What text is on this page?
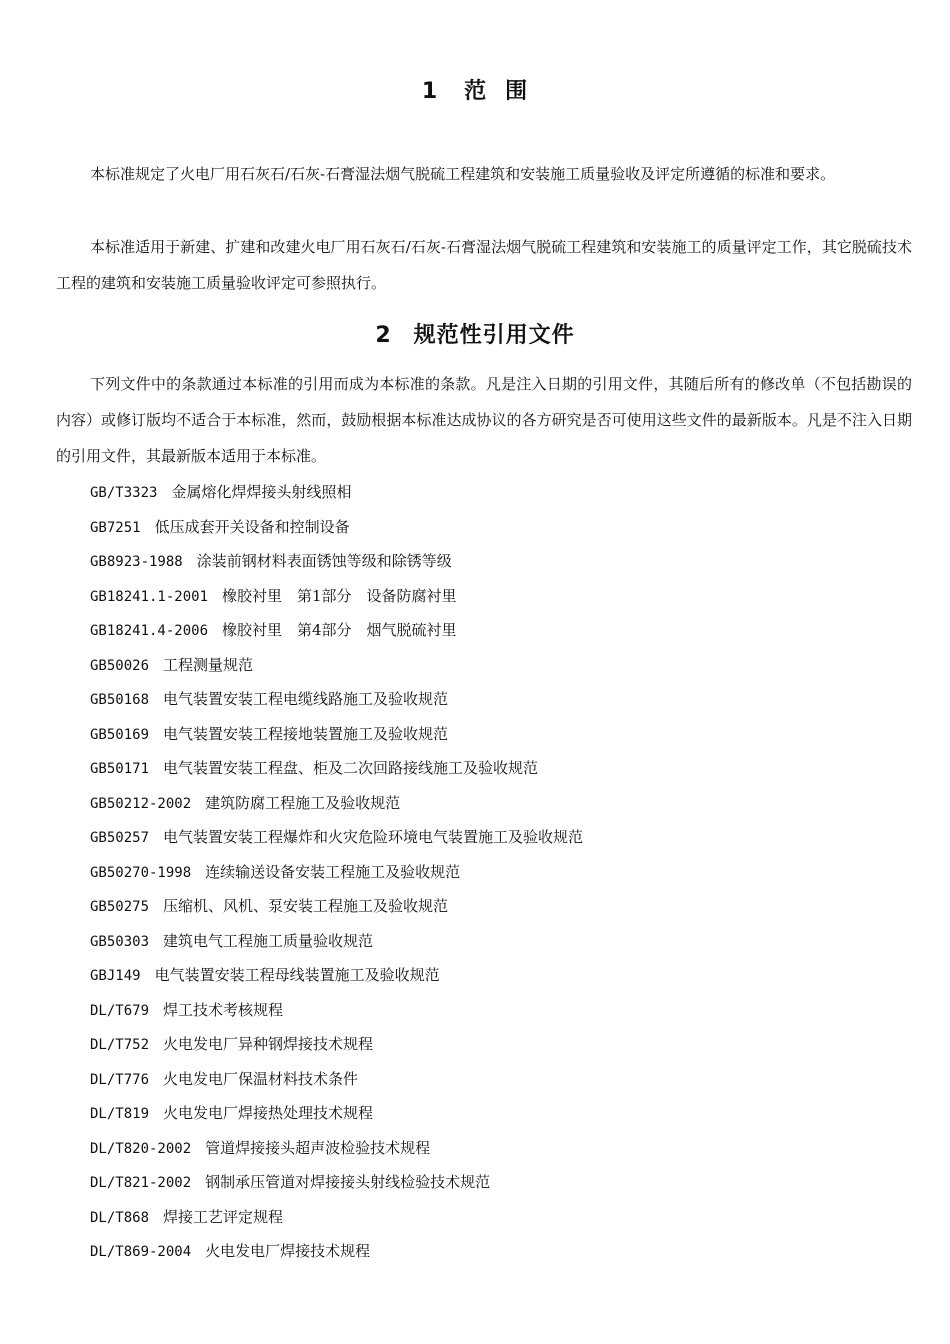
1 范 围

本标准规定了火电厂用石灰石/石灰-石膏湿法烟气脱硫工程建筑和安装施工质量验收及评定所遵循的标准和要求。

本标准适用于新建、扩建和改建火电厂用石灰石/石灰-石膏湿法烟气脱硫工程建筑和安装施工的质量评定工作，其它脱硫技术工程的建筑和安装施工质量验收评定可参照执行。

2 规范性引用文件

下列文件中的条款通过本标准的引用而成为本标准的条款。凡是注入日期的引用文件，其随后所有的修改单（不包括勘误的内容）或修订版均不适合于本标准，然而，鼓励根据本标准达成协议的各方研究是否可使用这些文件的最新版本。凡是不注入日期的引用文件，其最新版本适用于本标准。

GB/T3323 金属熔化焊焊接头射线照相
GB7251 低压成套开关设备和控制设备
GB8923-1988 涂装前钢材料表面锈蚀等级和除锈等级
GB18241.1-2001 橡胶衬里　第1部分　设备防腐衬里
GB18241.4-2006 橡胶衬里　第4部分　烟气脱硫衬里
GB50026 工程测量规范
GB50168 电气装置安装工程电缆线路施工及验收规范
GB50169 电气装置安装工程接地装置施工及验收规范
GB50171 电气装置安装工程盘、柜及二次回路接线施工及验收规范
GB50212-2002 建筑防腐工程施工及验收规范
GB50257 电气装置安装工程爆炸和火灾危险环境电气装置施工及验收规范
GB50270-1998 连续输送设备安装工程施工及验收规范
GB50275 压缩机、风机、泵安装工程施工及验收规范
GB50303 建筑电气工程施工质量验收规范
GBJ149 电气装置安装工程母线装置施工及验收规范
DL/T679 焊工技术考核规程
DL/T752 火电发电厂异种钢焊接技术规程
DL/T776 火电发电厂保温材料技术条件
DL/T819 火电发电厂焊接热处理技术规程
DL/T820-2002 管道焊接接头超声波检验技术规程
DL/T821-2002 钢制承压管道对焊接接头射线检验技术规范
DL/T868 焊接工艺评定规程
DL/T869-2004 火电发电厂焊接技术规程
